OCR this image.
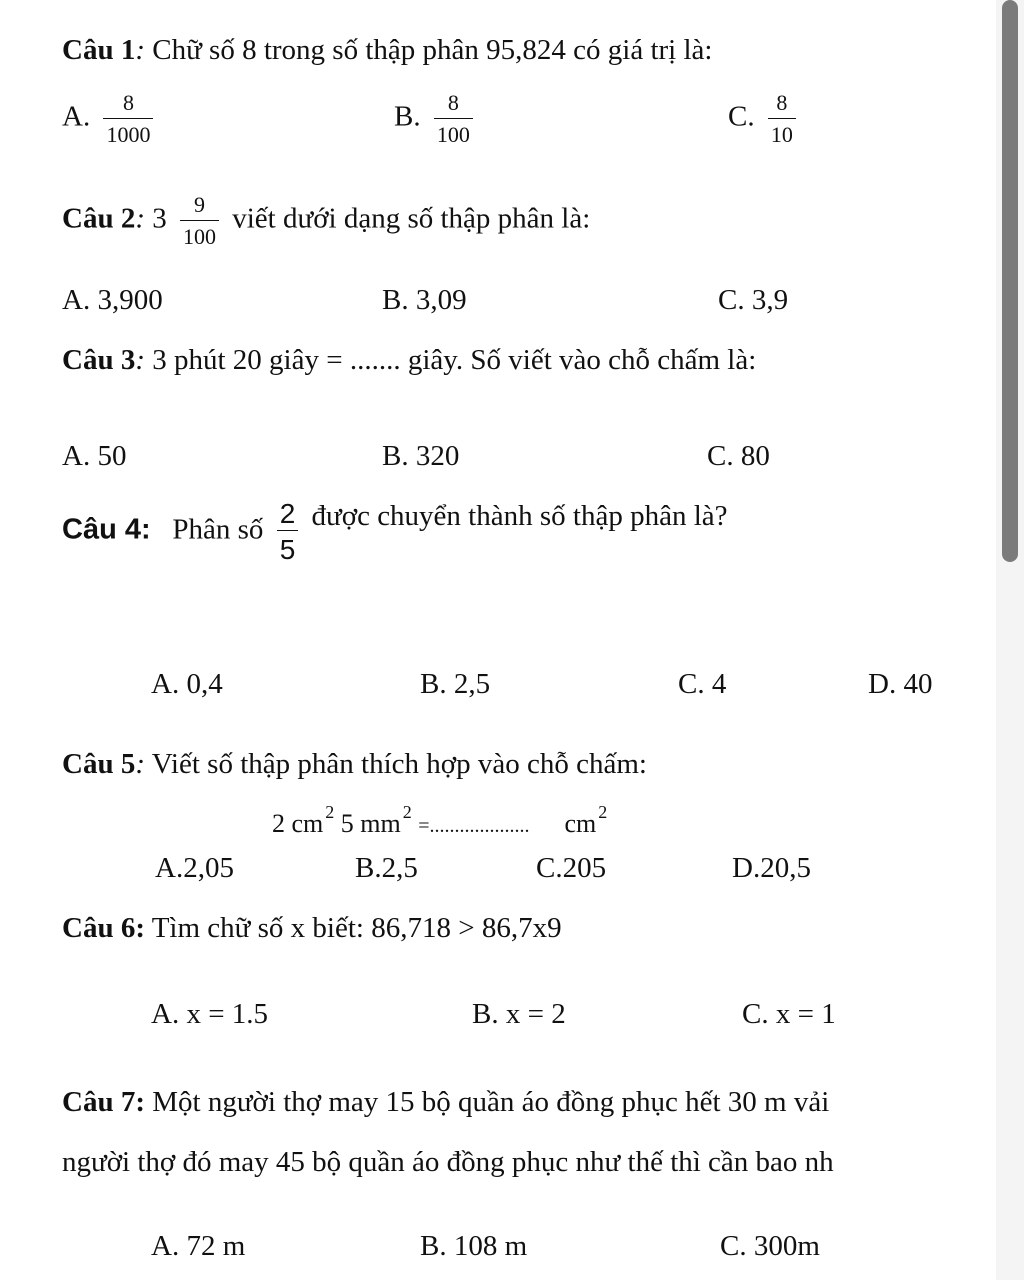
Câu 1: Chữ số 8 trong số thập phân 95,824 có giá trị là:
A. $\frac{8}{1000}$	B. $\frac{8}{100}$	C. $\frac{8}{10}$
Câu 2: $3 \frac{9}{100}$ viết dưới dạng số thập phân là:
A. 3,900	B. 3,09	C. 3,9
Câu 3: 3 phút 20 giây = ....... giây. Số viết vào chỗ chấm là:
A. 50	B. 320	C. 80
Câu 4: Phân số $\frac{2}{5}$ được chuyển thành số thập phân là?
A. 0,4	B. 2,5	C. 4	D. 40
Câu 5: Viết số thập phân thích hợp vào chỗ chấm:
2 cm $^2$ 5 mm $^2$ =.................... cm $^2$
A.2,05	B.2,5	C.205	D.20,5
Câu 6: Tìm chữ số x biết: 86,718 > 86,7x9
A. x = 1.5	B. x = 2	C. x = 1
Câu 7: Một người thợ may 15 bộ quần áo đồng phục hết 30 m vải
người thợ đó may 45 bộ quần áo đồng phục như thế thì cần bao nh
A. 72 m	B. 108 m	C. 300m
